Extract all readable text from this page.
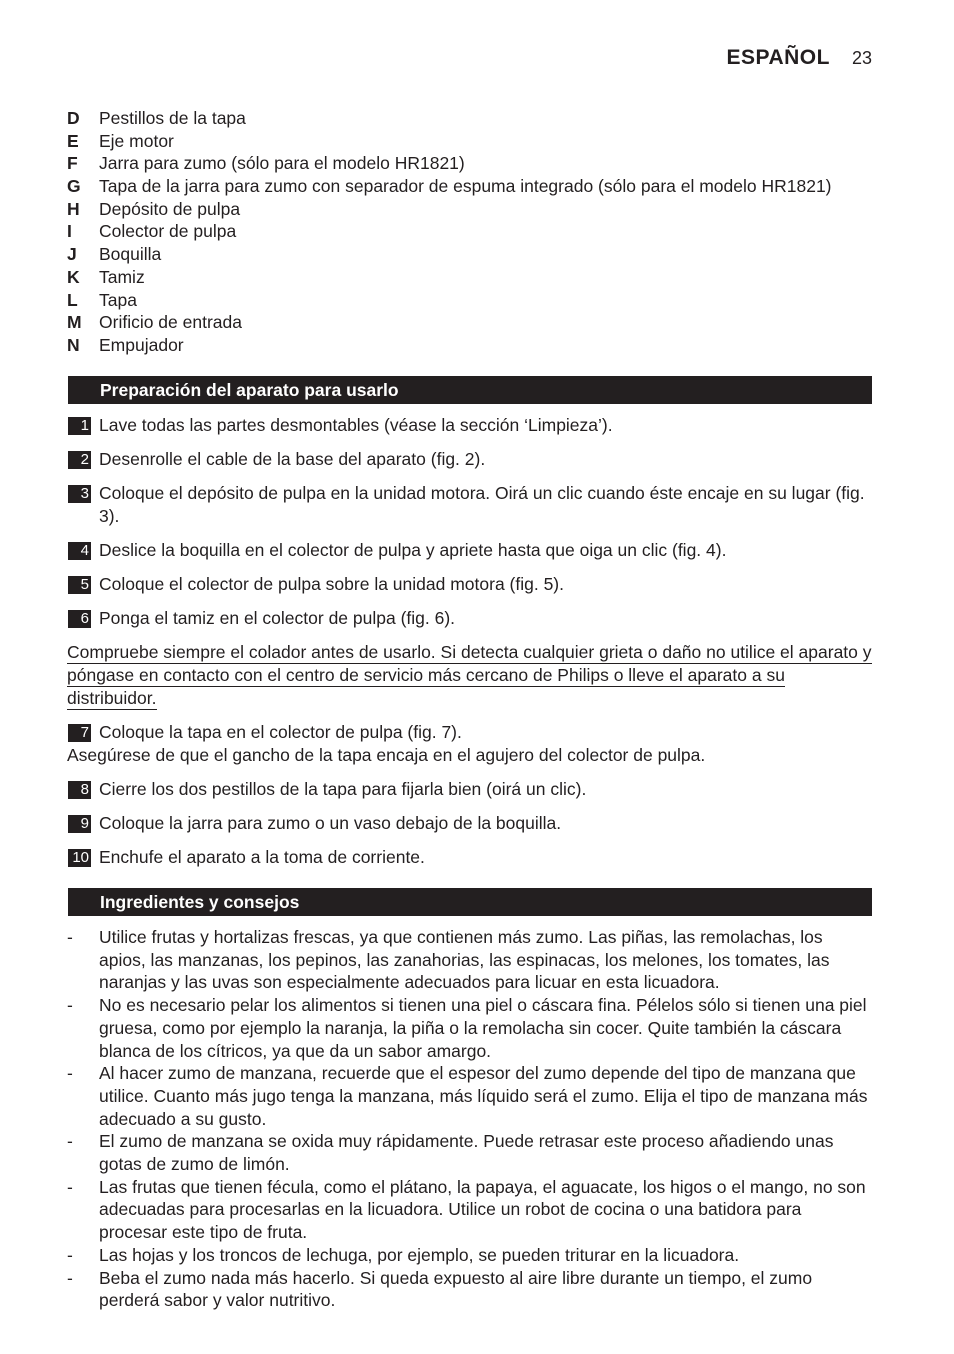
ESPAÑOL 23
D Pestillos de la tapa
E Eje motor
F Jarra para zumo (sólo para el modelo HR1821)
G Tapa de la jarra para zumo con separador de espuma integrado (sólo para el modelo HR1821)
H Depósito de pulpa
I Colector de pulpa
J Boquilla
K Tamiz
L Tapa
M Orificio de entrada
N Empujador
Preparación del aparato para usarlo
1 Lave todas las partes desmontables (véase la sección ‘Limpieza’).
2 Desenrolle el cable de la base del aparato (fig. 2).
3 Coloque el depósito de pulpa en la unidad motora. Oirá un clic cuando éste encaje en su lugar (fig. 3).
4 Deslice la boquilla en el colector de pulpa y apriete hasta que oiga un clic (fig. 4).
5 Coloque el colector de pulpa sobre la unidad motora (fig. 5).
6 Ponga el tamiz en el colector de pulpa (fig. 6).
Compruebe siempre el colador antes de usarlo. Si detecta cualquier grieta o daño no utilice el aparato y póngase en contacto con el centro de servicio más cercano de Philips o lleve el aparato a su distribuidor.
7 Coloque la tapa en el colector de pulpa (fig. 7).
Asegúrese de que el gancho de la tapa encaja en el agujero del colector de pulpa.
8 Cierre los dos pestillos de la tapa para fijarla bien (oirá un clic).
9 Coloque la jarra para zumo o un vaso debajo de la boquilla.
10 Enchufe el aparato a la toma de corriente.
Ingredientes y consejos
- Utilice frutas y hortalizas frescas, ya que contienen más zumo. Las piñas, las remolachas, los apios, las manzanas, los pepinos, las zanahorias, las espinacas, los melones, los tomates, las naranjas y las uvas son especialmente adecuados para licuar en esta licuadora.
- No es necesario pelar los alimentos si tienen una piel o cáscara fina. Pélelos sólo si tienen una piel gruesa, como por ejemplo la naranja, la piña o la remolacha sin cocer. Quite también la cáscara blanca de los cítricos, ya que da un sabor amargo.
- Al hacer zumo de manzana, recuerde que el espesor del zumo depende del tipo de manzana que utilice. Cuanto más jugo tenga la manzana, más líquido será el zumo. Elija el tipo de manzana más adecuado a su gusto.
- El zumo de manzana se oxida muy rápidamente. Puede retrasar este proceso añadiendo unas gotas de zumo de limón.
- Las frutas que tienen fécula, como el plátano, la papaya, el aguacate, los higos o el mango, no son adecuadas para procesarlas en la licuadora. Utilice un robot de cocina o una batidora para procesar este tipo de fruta.
- Las hojas y los troncos de lechuga, por ejemplo, se pueden triturar en la licuadora.
- Beba el zumo nada más hacerlo. Si queda expuesto al aire libre durante un tiempo, el zumo perderá sabor y valor nutritivo.
